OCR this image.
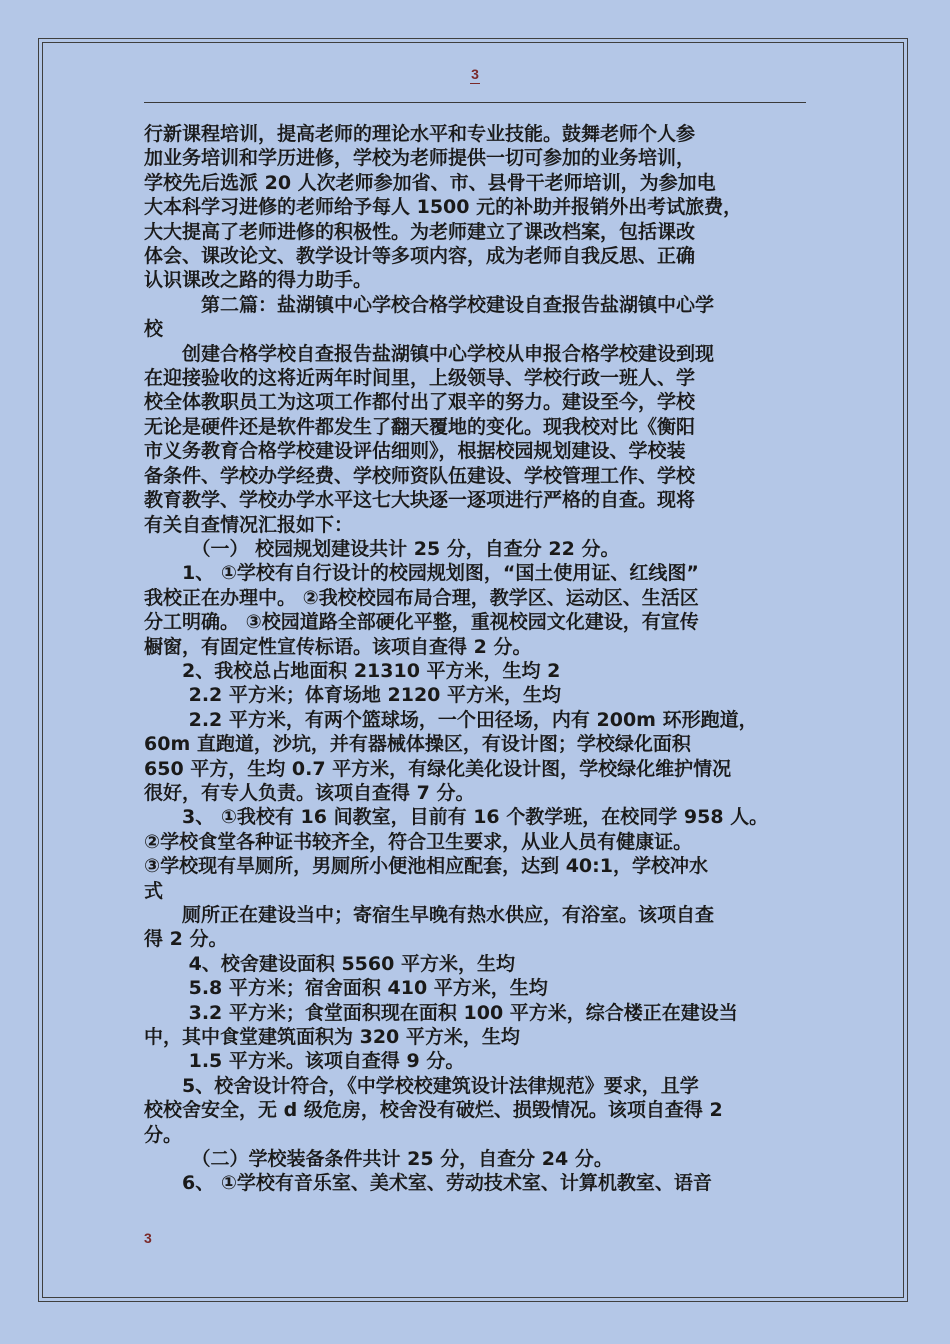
3

行新课程培训，提高老师的理论水平和专业技能。鼓舞老师个人参

加业务培训和学历进修，学校为老师提供一切可参加的业务培训，

学校先后选派 20 人次老师参加省、市、县骨干老师培训，为参加电

大本科学习进修的老师给予每人 1500 元的补助并报销外出考试旅费，

大大提高了老师进修的积极性。为老师建立了课改档案，包括课改

体会、课改论文、教学设计等多项内容，成为老师自我反思、正确

认识课改之路的得力助手。

　　　第二篇：盐湖镇中心学校合格学校建设自查报告盐湖镇中心学

校

　　创建合格学校自查报告盐湖镇中心学校从申报合格学校建设到现

在迎接验收的这将近两年时间里，上级领导、学校行政一班人、学

校全体教职员工为这项工作都付出了艰辛的努力。建设至今，学校

无论是硬件还是软件都发生了翻天覆地的变化。现我校对比《衡阳

市义务教育合格学校建设评估细则》，根据校园规划建设、学校装

备条件、学校办学经费、学校师资队伍建设、学校管理工作、学校

教育教学、学校办学水平这七大块逐一逐项进行严格的自查。现将

有关自查情况汇报如下：

　　　（一） 校园规划建设共计 25 分，自查分 22 分。

　　1、 ①学校有自行设计的校园规划图，“国土使用证、红线图”

我校正在办理中。 ②我校校园布局合理，教学区、运动区、生活区

分工明确。 ③校园道路全部硬化平整，重视校园文化建设，有宣传

橱窗，有固定性宣传标语。该项自查得 2 分。

　　2、我校总占地面积 21310 平方米，生均 2

　　 2.2 平方米；体育场地 2120 平方米，生均

　　 2.2 平方米，有两个篮球场，一个田径场，内有 200m 环形跑道，

60m 直跑道，沙坑，并有器械体操区，有设计图；学校绿化面积

650 平方，生均 0.7 平方米，有绿化美化设计图，学校绿化维护情况

很好，有专人负责。该项自查得 7 分。

　　3、 ①我校有 16 间教室，目前有 16 个教学班，在校同学 958 人。

②学校食堂各种证书较齐全，符合卫生要求，从业人员有健康证。

③学校现有旱厕所，男厕所小便池相应配套，达到 40:1，学校冲水

式

　　厕所正在建设当中；寄宿生早晚有热水供应，有浴室。该项自查

得 2 分。

　　 4、校舍建设面积 5560 平方米，生均

　　 5.8 平方米；宿舍面积 410 平方米，生均

　　 3.2 平方米；食堂面积现在面积 100 平方米，综合楼正在建设当

中，其中食堂建筑面积为 320 平方米，生均

　　 1.5 平方米。该项自查得 9 分。

　　5、校舍设计符合，《中学校校建筑设计法律规范》要求，且学

校校舍安全，无 d 级危房，校舍没有破烂、损毁情况。该项自查得 2

分。

　　　（二）学校装备条件共计 25 分，自查分 24 分。

　　6、 ①学校有音乐室、美术室、劳动技术室、计算机教室、语音

3
